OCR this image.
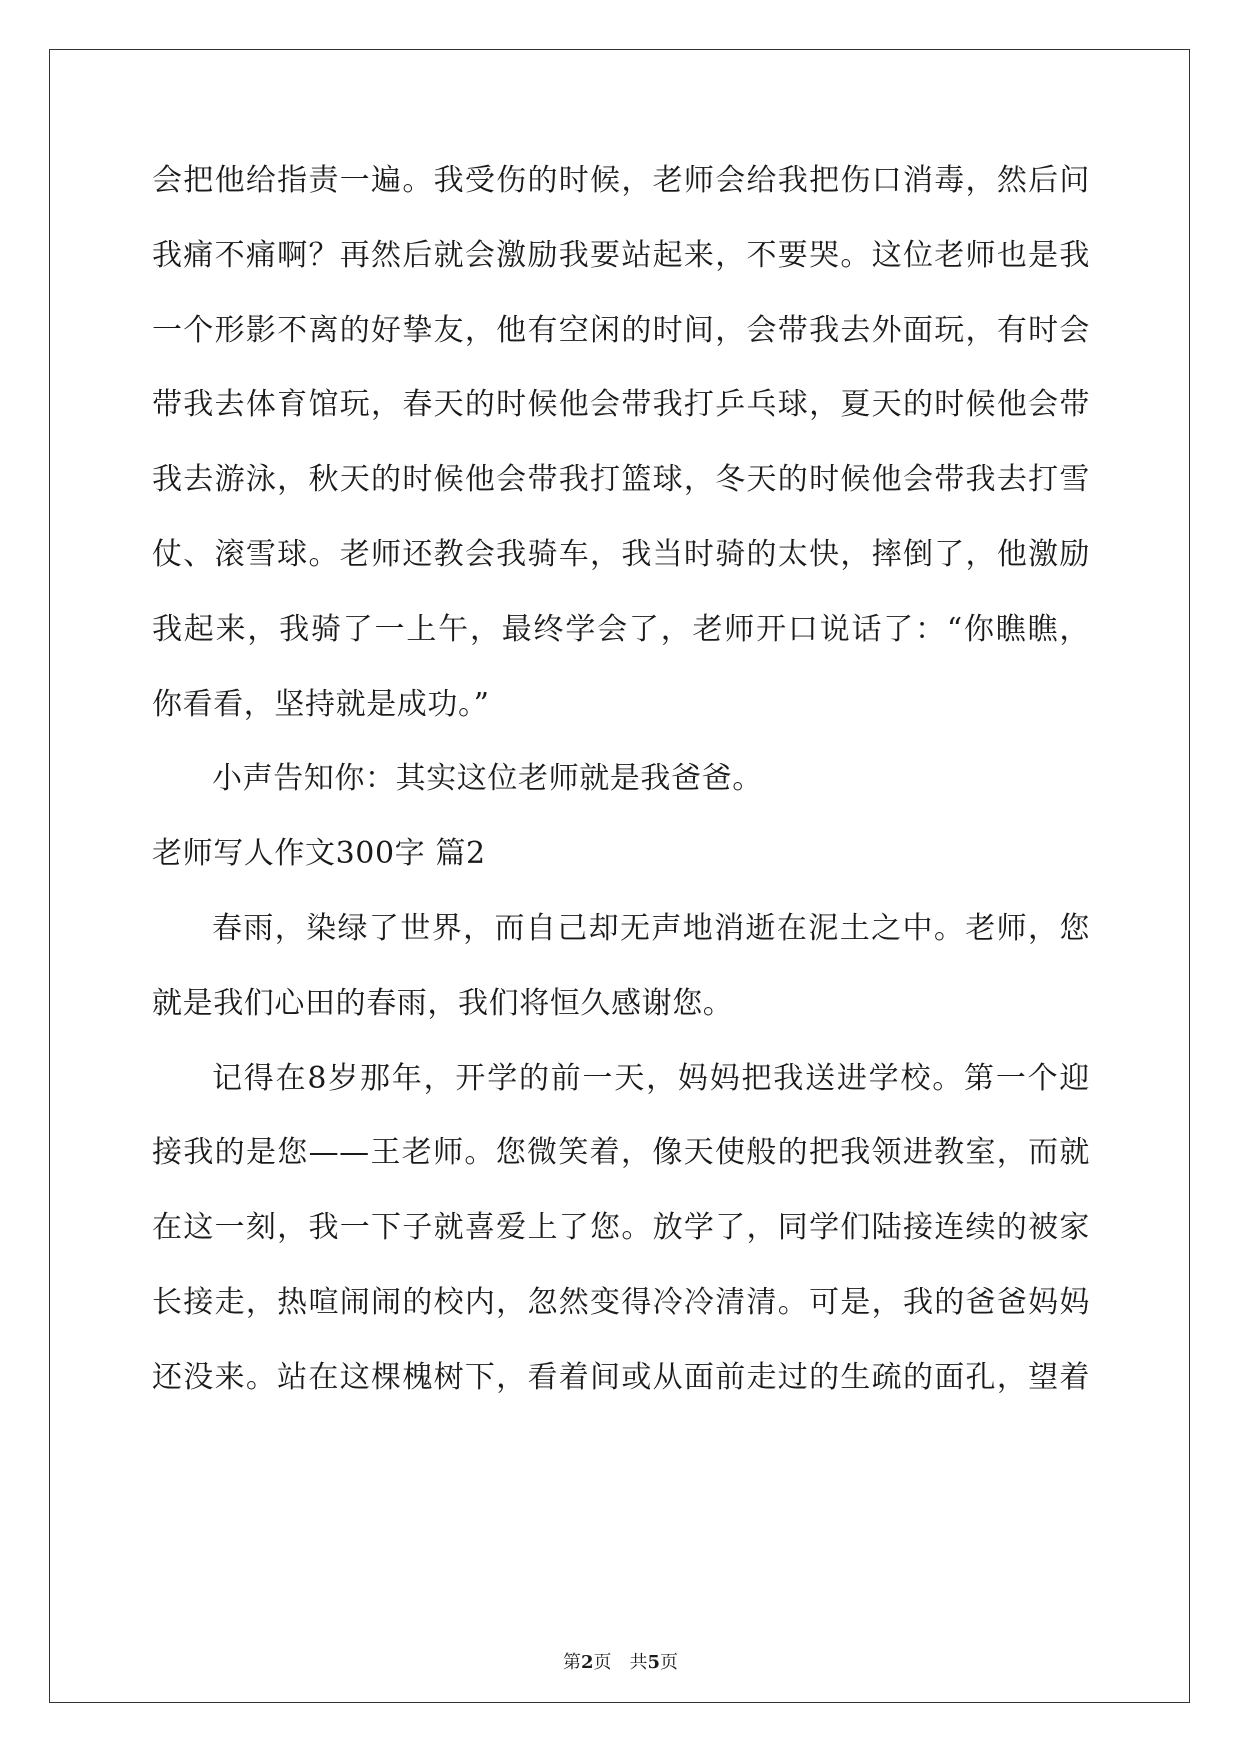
会把他给指责一遍。我受伤的时候，老师会给我把伤口消毒，然后问
我痛不痛啊？再然后就会激励我要站起来，不要哭。这位老师也是我
一个形影不离的好挚友，他有空闲的时间，会带我去外面玩，有时会
带我去体育馆玩，春天的时候他会带我打乒乓球，夏天的时候他会带
我去游泳，秋天的时候他会带我打篮球，冬天的时候他会带我去打雪
仗、滚雪球。老师还教会我骑车，我当时骑的太快，摔倒了，他激励
我起来，我骑了一上午，最终学会了，老师开口说话了：“你瞧瞧，
你看看，坚持就是成功。”
小声告知你：其实这位老师就是我爸爸。
老师写人作文300字 篇2
春雨，染绿了世界，而自己却无声地消逝在泥土之中。老师，您
就是我们心田的春雨，我们将恒久感谢您。
记得在8岁那年，开学的前一天，妈妈把我送进学校。第一个迎
接我的是您——王老师。您微笑着，像天使般的把我领进教室，而就
在这一刻，我一下子就喜爱上了您。放学了，同学们陆接连续的被家
长接走，热喧闹闹的校内，忽然变得冷冷清清。可是，我的爸爸妈妈
还没来。站在这棵槐树下，看着间或从面前走过的生疏的面孔，望着
第2页 共5页
